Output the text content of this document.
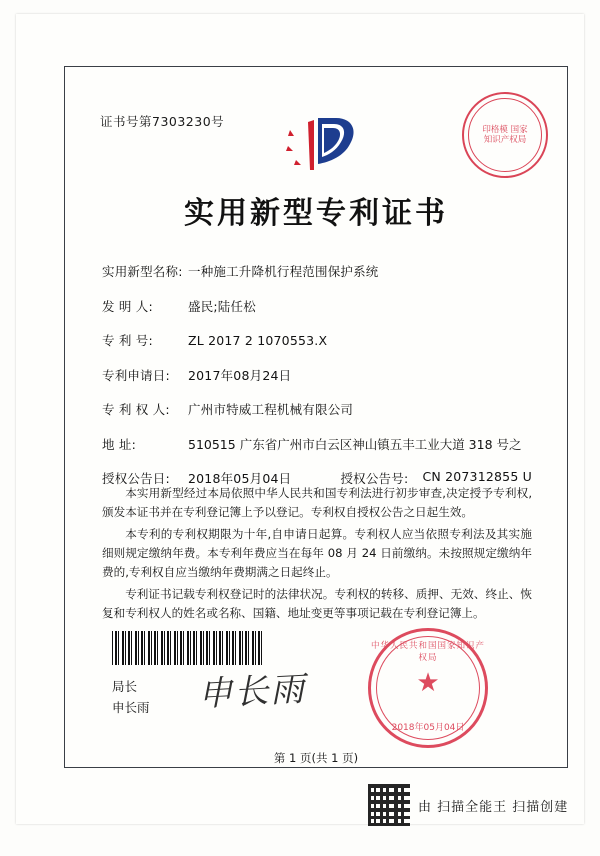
证书号第7303230号
印格模 国家知识产权局
实用新型专利证书
实用新型名称: 一种施工升降机行程范围保护系统
发 明 人:	盛民;陆任松
专 利 号:	ZL 2017 2 1070553.X
专利申请日:	2017年08月24日
专 利 权 人:	广州市特威工程机械有限公司
地 址:	510515 广东省广州市白云区神山镇五丰工业大道 318 号之
授权公告日:	2018年05月04日	授权公告号:	CN 207312855 U

本实用新型经过本局依照中华人民共和国专利法进行初步审查,决定授予专利权,颁发本证书并在专利登记簿上予以登记。专利权自授权公告之日起生效。

本专利的专利权期限为十年,自申请日起算。专利权人应当依照专利法及其实施细则规定缴纳年费。本专利年费应当在每年 08 月 24 日前缴纳。未按照规定缴纳年费的,专利权自应当缴纳年费期满之日起终止。

专利证书记载专利权登记时的法律状况。专利权的转移、质押、无效、终止、恢复和专利权人的姓名或名称、国籍、地址变更等事项记载在专利登记簿上。

局长
申长雨 申长雨
中华人民共和国国家知识产权局
★
2018年05月04日
第 1 页(共 1 页)
由 扫描全能王 扫描创建
